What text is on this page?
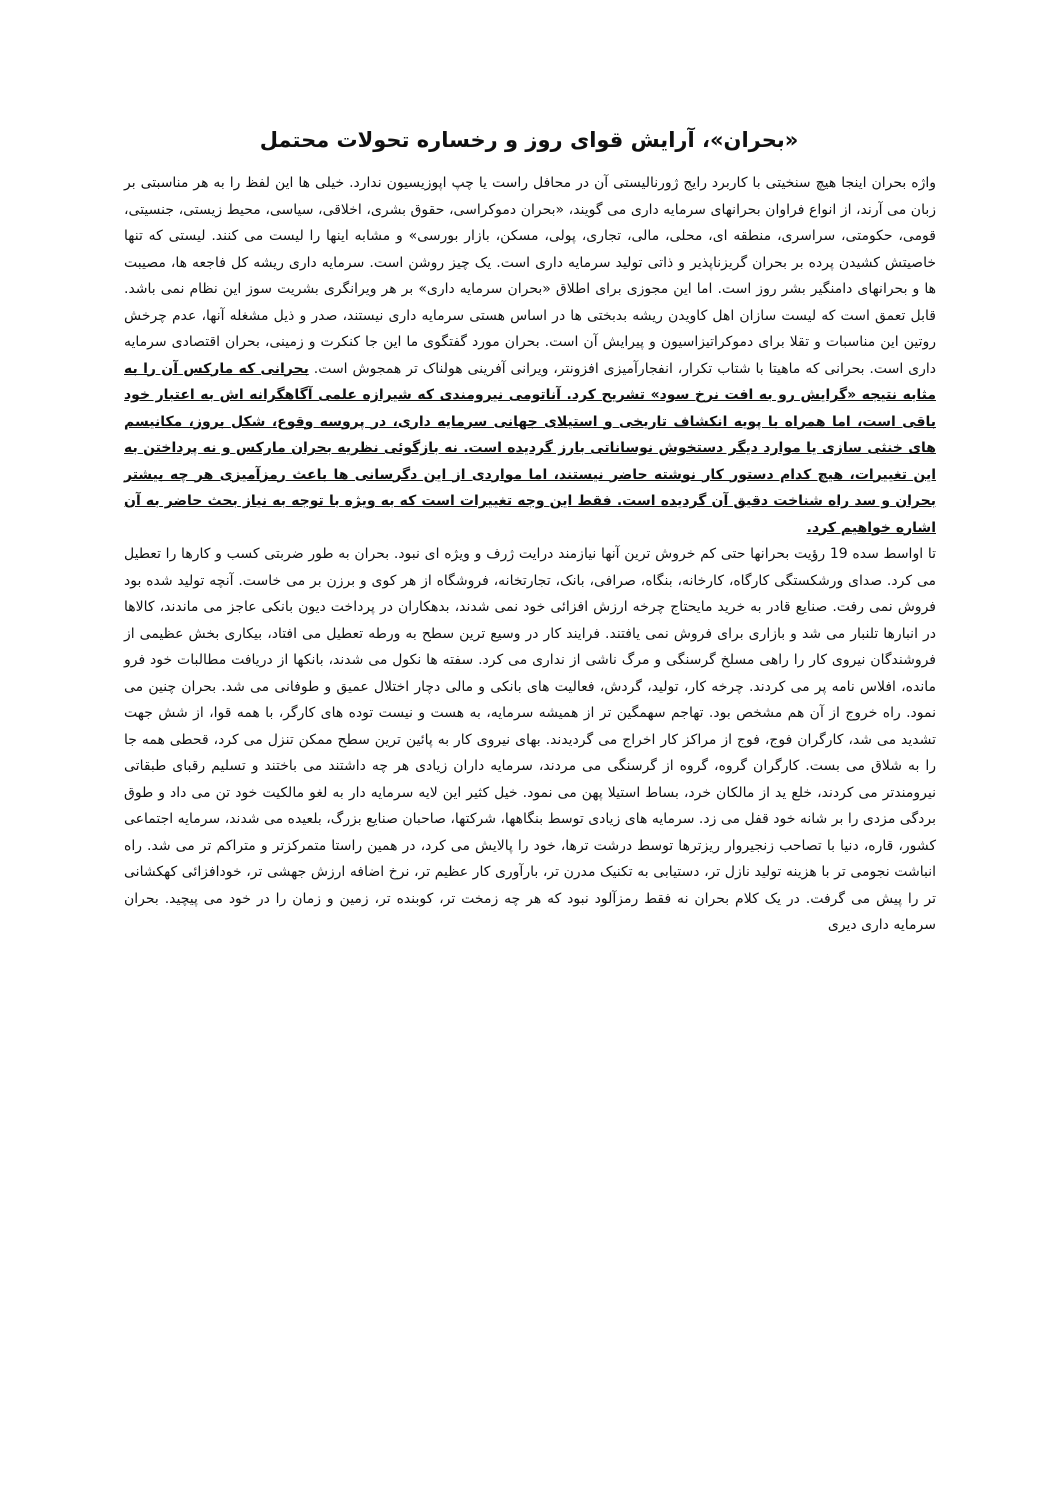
«بحران»، آرایش قوای روز و رخساره تحولات محتمل

واژه بحران اینجا هیچ سنخیتی با کاربرد رایج ژورنالیستی آن در محافل راست یا چپ اپوزیسیون ندارد. خیلی ها این لفظ را به هر مناسبتی بر زبان می آرند، از انواع فراوان بحرانهای سرمایه داری می گویند، «بحران دموکراسی، حقوق بشری، اخلاقی، سیاسی، محیط زیستی، جنسیتی، قومی، حکومتی، سراسری، منطقه ای، محلی، مالی، تجاری، پولی، مسکن، بازار بورسی» و مشابه اینها را لیست می کنند. لیستی که تنها خاصیتش کشیدن پرده بر بحران گریزناپذیر و ذاتی تولید سرمایه داری است. یک چیز روشن است. سرمایه داری ریشه کل فاجعه ها، مصیبت ها و بحرانهای دامنگیر بشر روز است. اما این مجوزی برای اطلاق «بحران سرمایه داری» بر هر ویرانگری بشریت سوز این نظام نمی باشد. قابل تعمق است که لیست سازان اهل کاویدن ریشه بدبختی ها در اساس هستی سرمایه داری نیستند، صدر و ذیل مشغله آنها، عدم چرخش روتین این مناسبات و تقلا برای دموکراتیزاسیون و پیرایش آن است. بحران مورد گفتگوی ما این جا کنکرت و زمینی، بحران اقتصادی سرمایه داری است. بحرانی که ماهیتا با شتاب تکرار، انفجارآمیزی افزونتر، ویرانی آفرینی هولناک تر همجوش است. بحرانی که مارکس آن را به مثابه نتیجه «گرایش رو به افت نرخ سود» تشریح کرد. آناتومی نیرومندی که شیرازه علمی آگاهگرانه اش به اعتبار خود باقی است، اما همراه با پویه انکشاف تاریخی و استیلای جهانی سرمایه داری، در پروسه وقوع، شکل بروز، مکانیسم های خنثی سازی یا موارد دیگر دستخوش نوساناتی بارز گردیده است. نه بازگوئی نظریه بحران مارکس و نه پرداختن به این تغییرات، هیچ کدام دستور کار نوشته حاضر نیستند، اما مواردی از این دگرسانی ها باعث رمزآمیزی هر چه بیشتر بحران و سد راه شناخت دقیق آن گردیده است. فقط این وجه تغییرات است که به ویژه با توجه به نیاز بحث حاضر به آن اشاره خواهیم کرد.

تا اواسط سده 19 رؤیت بحرانها حتی کم خروش ترین آنها نیازمند درایت ژرف و ویژه ای نبود. بحران به طور ضربتی کسب و کارها را تعطیل می کرد. صدای ورشکستگی کارگاه، کارخانه، بنگاه، صرافی، بانک، تجارتخانه، فروشگاه از هر کوی و برزن بر می خاست. آنچه تولید شده بود فروش نمی رفت. صنایع قادر به خرید مایحتاج چرخه ارزش افزائی خود نمی شدند، بدهکاران در پرداخت دیون بانکی عاجز می ماندند، کالاها در انبارها تلنبار می شد و بازاری برای فروش نمی یافتند. فرایند کار در وسیع ترین سطح به ورطه تعطیل می افتاد، بیکاری بخش عظیمی از فروشندگان نیروی کار را راهی مسلخ گرسنگی و مرگ ناشی از نداری می کرد. سفته ها نکول می شدند، بانکها از دریافت مطالبات خود فرو مانده، افلاس نامه پر می کردند. چرخه کار، تولید، گردش، فعالیت های بانکی و مالی دچار اختلال عمیق و طوفانی می شد. بحران چنین می نمود. راه خروج از آن هم مشخص بود. تهاجم سهمگین تر از همیشه سرمایه، به هست و نیست توده های کارگر، با همه قوا، از شش جهت تشدید می شد، کارگران فوج، فوج از مراکز کار اخراج می گردیدند. بهای نیروی کار به پائین ترین سطح ممکن تنزل می کرد، قحطی همه جا را به شلاق می بست. کارگران گروه، گروه از گرسنگی می مردند، سرمایه داران زیادی هر چه داشتند می باختند و تسلیم رقبای طبقاتی نیرومندتر می کردند، خلع ید از مالکان خرد، بساط استیلا پهن می نمود. خیل کثیر این لایه سرمایه دار به لغو مالکیت خود تن می داد و طوق بردگی مزدی را بر شانه خود قفل می زد. سرمایه های زیادی توسط بنگاهها، شرکتها، صاحبان صنایع بزرگ، بلعیده می شدند، سرمایه اجتماعی کشور، قاره، دنیا با تصاحب زنجیروار ریزترها توسط درشت ترها، خود را پالایش می کرد، در همین راستا متمرکزتر و متراکم تر می شد. راه انباشت نجومی تر با هزینه تولید نازل تر، دستیابی به تکنیک مدرن تر، بارآوری کار عظیم تر، نرخ اضافه ارزش جهشی تر، خودافزائی کهکشانی تر را پیش می گرفت. در یک کلام بحران نه فقط رمزآلود نبود که هر چه زمخت تر، کوبنده تر، زمین و زمان را در خود می پیچید. بحران سرمایه داری دیری
